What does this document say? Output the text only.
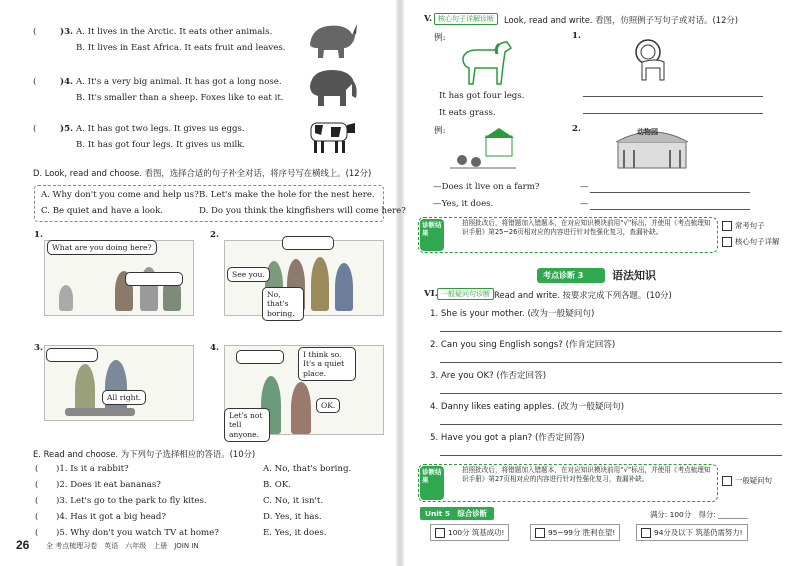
(	)3. A. It lives in the Arctic. It eats other animals.
B. It lives in East Africa. It eats fruit and leaves.
(	)4. A. It's a very big animal. It has got a long nose.
B. It's smaller than a sheep. Foxes like to eat it.
(	)5. A. It has got two legs. It gives us eggs.
B. It has got four legs. It gives us milk.
D. Look, read and choose. 看图，选择合适的句子补全对话，将序号写在横线上。(12分)
A. Why don't you come and help us? B. Let's make the hole for the nest here.
C. Be quiet and have a look.	D. Do you think the kingfishers will come here?
1.
What are you doing here?
2.
See you.
No, that's boring.
3.
All right.
4.
I think so. It's a quiet place.
OK.
Let's not tell anyone.
E. Read and choose. 为下列句子选择相应的答语。(10分)
( )1. Is it a rabbit?	A. No, that's boring.
( )2. Does it eat bananas?	B. OK.
( )3. Let's go to the park to fly kites.	C. No, it isn't.
( )4. Has it got a big head?	D. Yes, it has.
( )5. Why don't you watch TV at home?	E. Yes, it does.
26 全 考点梳理习卷　英语　六年级　上册　JOIN IN
V. 核心句子详解诊断	Look, read and write. 看图，仿照例子写句子或对话。(12分)
例:
It has got four legs.
It eats grass.
1.
例:	2.	动物园
—Does it live on a farm?
—Yes, it does.
—
—
诊断结果
拍照批改后，将错题加入错题本，在对应知识模块前用“√”标出，并使用《考点梳理知识手册》第25~26页相对应的内容进行针对性强化复习，查漏补缺。
常考句子
核心句子详解
考点诊断 3	语法知识
VI. 一般疑问句诊断 Read and write. 按要求完成下列各题。(10分)
1. She is your mother. (改为一般疑问句)
2. Can you sing English songs? (作肯定回答)
3. Are you OK? (作否定回答)
4. Danny likes eating apples. (改为一般疑问句)
5. Have you got a plan? (作否定回答)
诊断结果
拍照批改后，将错题加入错题本，在对应知识模块前用“√”标出，并使用《考点梳理知识手册》第27页相对应的内容进行针对性强化复习，查漏补缺。	一般疑问句
Unit 5　综合诊断	满分: 100分　得分: ________
100分 筑基成功!	95~99分 胜利在望!	94分及以下 筑基仍需努力!
